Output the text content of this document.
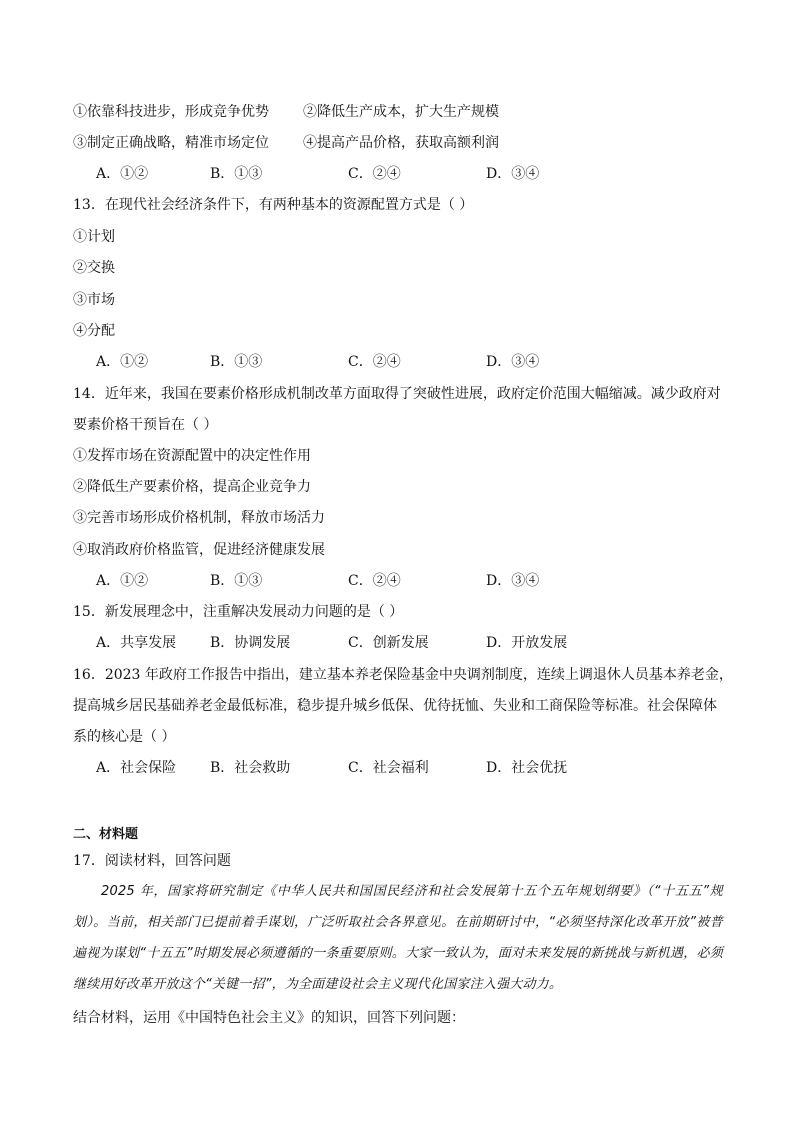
①依靠科技进步，形成竞争优势 ②降低生产成本，扩大生产规模
③制定正确战略，精准市场定位 ④提高产品价格，获取高额利润
A．①②	B．①③	C．②④	D．③④
13．在现代社会经济条件下，有两种基本的资源配置方式是（ ）
①计划
②交换
③市场
④分配
A．①②	B．①③	C．②④	D．③④
14．近年来，我国在要素价格形成机制改革方面取得了突破性进展，政府定价范围大幅缩减。减少政府对
要素价格干预旨在（ ）
①发挥市场在资源配置中的决定性作用
②降低生产要素价格，提高企业竞争力
③完善市场形成价格机制，释放市场活力
④取消政府价格监管，促进经济健康发展
A．①②	B．①③	C．②④	D．③④
15．新发展理念中，注重解决发展动力问题的是（ ）
A．共享发展 B．协调发展	C．创新发展	D．开放发展
16．2023 年政府工作报告中指出，建立基本养老保险基金中央调剂制度，连续上调退休人员基本养老金，
提高城乡居民基础养老金最低标准，稳步提升城乡低保、优待抚恤、失业和工商保险等标准。社会保障体
系的核心是（ ）
A．社会保险 B．社会救助	C．社会福利	D．社会优抚
二、材料题
17．阅读材料，回答问题
2025 年，国家将研究制定《中华人民共和国国民经济和社会发展第十五个五年规划纲要》（“十五五”规划）。当前，相关部门已提前着手谋划，广泛听取社会各界意见。在前期研讨中，“必须坚持深化改革开放”被普遍视为谋划“十五五”时期发展必须遵循的一条重要原则。大家一致认为，面对未来发展的新挑战与新机遇，必须继续用好改革开放这个“关键一招”，为全面建设社会主义现代化国家注入强大动力。
结合材料，运用《中国特色社会主义》的知识，回答下列问题：
